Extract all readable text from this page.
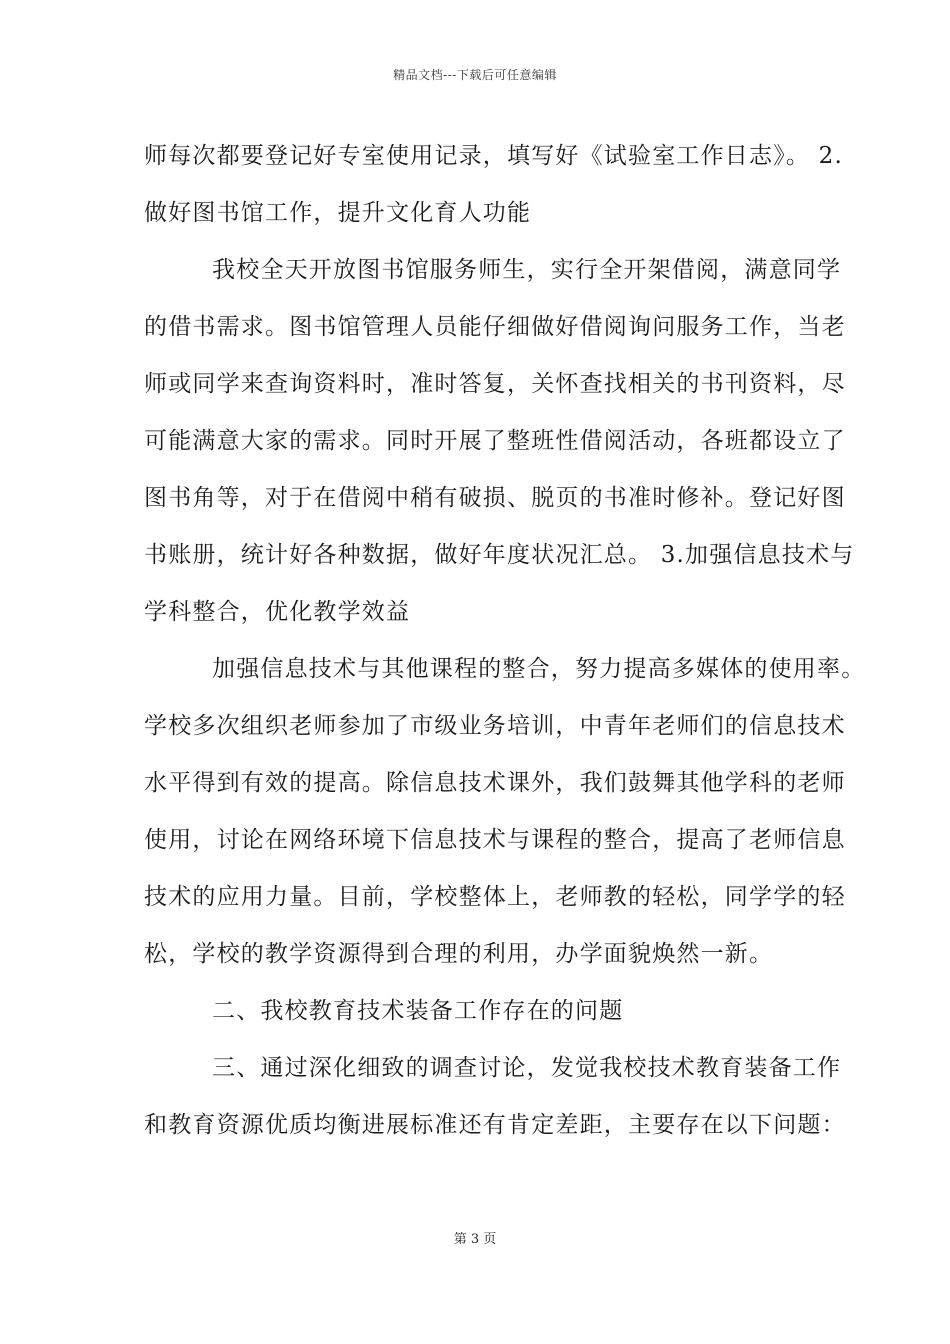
精品文档---下载后可任意编辑
师每次都要登记好专室使用记录，填写好《试验室工作日志》。 2.
做好图书馆工作，提升文化育人功能
我校全天开放图书馆服务师生，实行全开架借阅，满意同学
的借书需求。图书馆管理人员能仔细做好借阅询问服务工作，当老
师或同学来查询资料时，准时答复，关怀查找相关的书刊资料，尽
可能满意大家的需求。同时开展了整班性借阅活动，各班都设立了
图书角等，对于在借阅中稍有破损、脱页的书准时修补。登记好图
书账册，统计好各种数据，做好年度状况汇总。 3.加强信息技术与
学科整合，优化教学效益
加强信息技术与其他课程的整合，努力提高多媒体的使用率。
学校多次组织老师参加了市级业务培训，中青年老师们的信息技术
水平得到有效的提高。除信息技术课外，我们鼓舞其他学科的老师
使用，讨论在网络环境下信息技术与课程的整合，提高了老师信息
技术的应用力量。目前，学校整体上，老师教的轻松，同学学的轻
松，学校的教学资源得到合理的利用，办学面貌焕然一新。
二、我校教育技术装备工作存在的问题
三、通过深化细致的调查讨论，发觉我校技术教育装备工作
和教育资源优质均衡进展标准还有肯定差距，主要存在以下问题：
第 3 页
